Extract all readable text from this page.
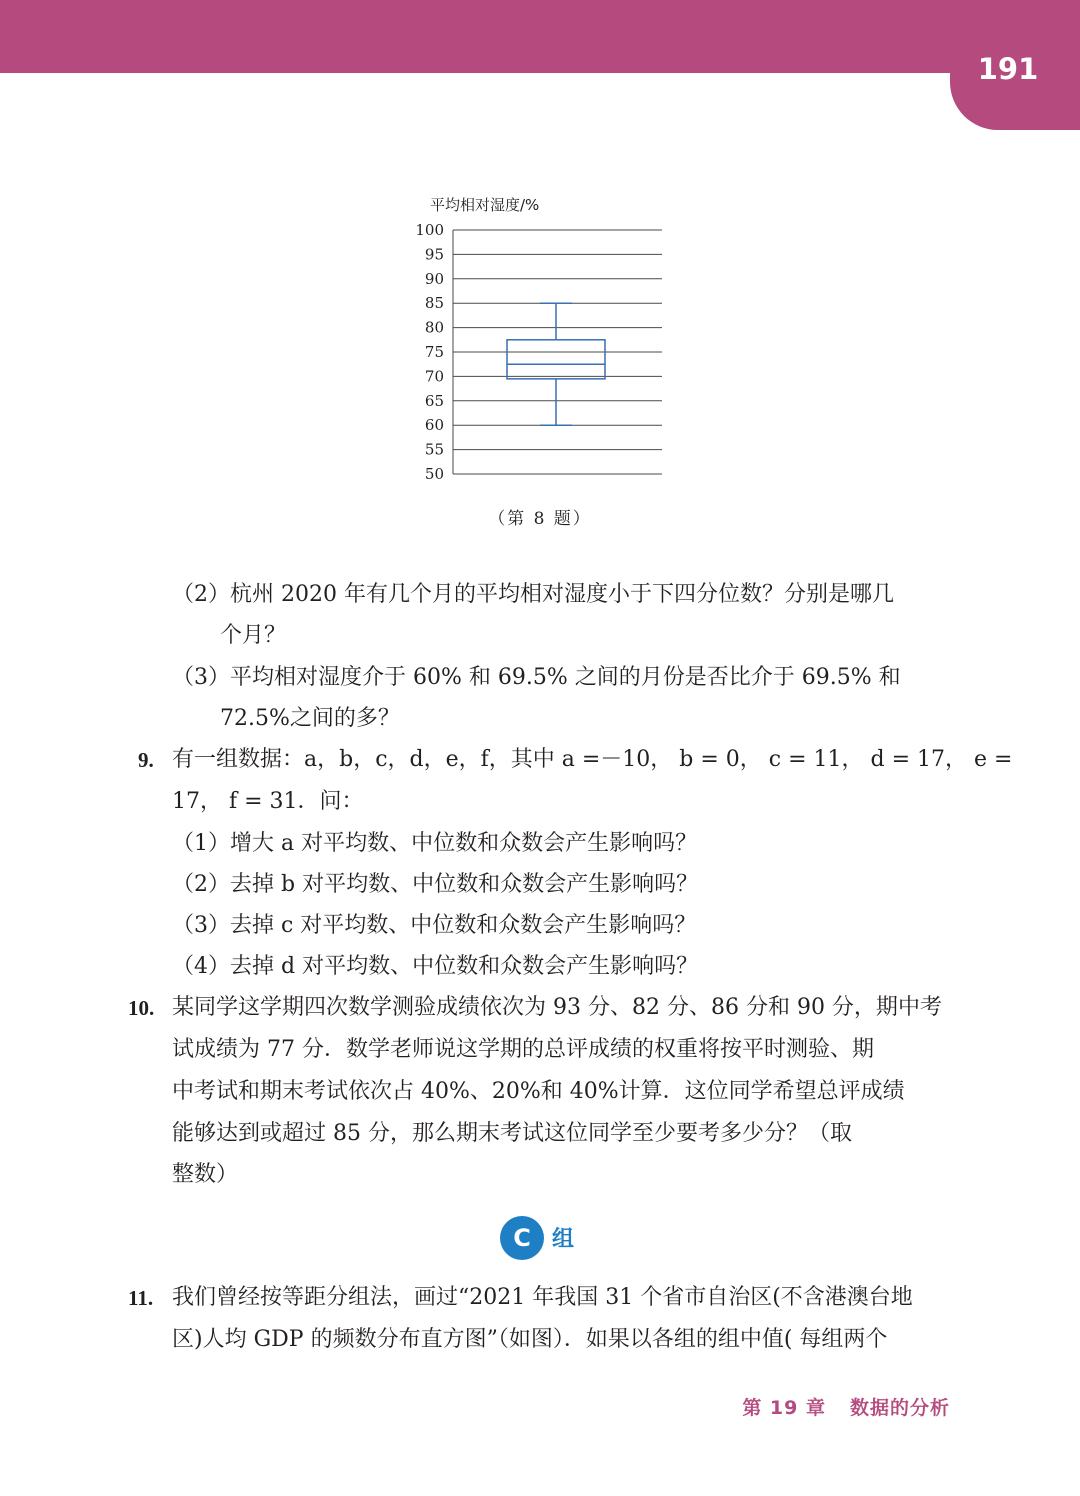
191
平均相对湿度/%
100
95
90
85
80
75
70
65
60
55
50
（第 8 题）
（2）杭州 2020 年有几个月的平均相对湿度小于下四分位数？分别是哪几
个月？
（3）平均相对湿度介于 60% 和 69.5% 之间的月份是否比介于 69.5% 和
72.5%之间的多？
9. 有一组数据：a，b，c，d，e，f，其中 a =－10， b = 0， c = 11， d = 17， e =
17， f = 31．问：
（1）增大 a 对平均数、中位数和众数会产生影响吗？
（2）去掉 b 对平均数、中位数和众数会产生影响吗？
（3）去掉 c 对平均数、中位数和众数会产生影响吗？
（4）去掉 d 对平均数、中位数和众数会产生影响吗？
10. 某同学这学期四次数学测验成绩依次为 93 分、82 分、86 分和 90 分，期中考
试成绩为 77 分．数学老师说这学期的总评成绩的权重将按平时测验、期
中考试和期末考试依次占 40%、20%和 40%计算．这位同学希望总评成绩
能够达到或超过 85 分，那么期末考试这位同学至少要考多少分？（取
整数）
C 组
11. 我们曾经按等距分组法，画过“2021 年我国 31 个省市自治区(不含港澳台地
区)人均 GDP 的频数分布直方图”（如图）．如果以各组的组中值( 每组两个
第 19 章 数据的分析
